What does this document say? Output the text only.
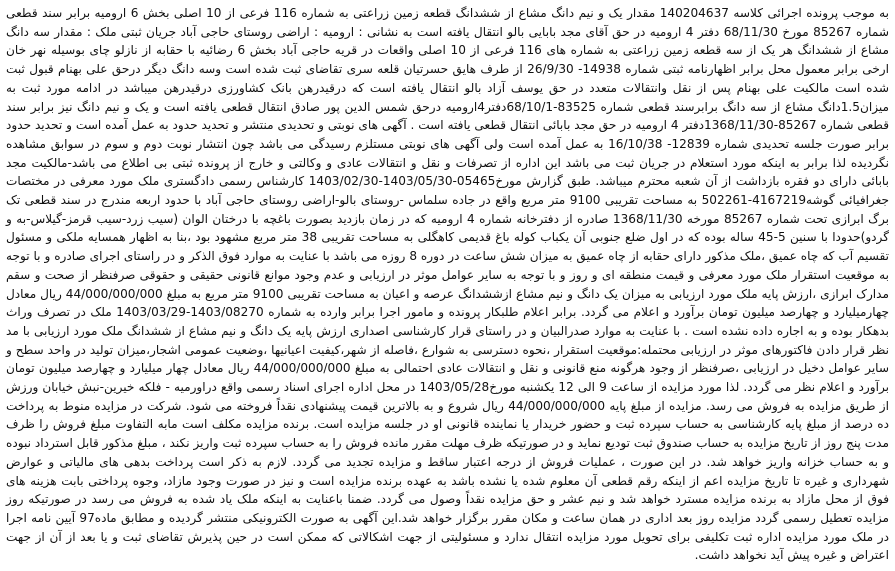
به موجب پرونده اجرائی کلاسه 140204637 مقدار یک و نیم دانگ مشاع از ششدانگ قطعه زمین زراعتی به شماره 116 فرعی از 10 اصلی بخش 6 ارومیه برابر سند قطعی شماره 85267 مورخ 68/11/30 دفتر 4 ارومیه در حق آقای مجد بابایی بالو انتقال یافته است به نشانی : ارومیه : اراضی روستای حاجی آباد جریان ثبتی ملک : مقدار سه دانگ مشاع از ششدانگ هر یک از سه قطعه زمین زراعتی به شماره های 116 فرعی از 10 اصلی واقعات در قریه حاجی آباد بخش 6 رضائیه با حقابه از نازلو چای بوسیله نهر خان ارخی برابر معمول محل برابر اظهارنامه ثبتی شماره 14938- 26/9/30 از طرف هایق حسرتیان قلعه سری تقاضای ثبت شده است وسه دانگ دیگر درحق علی بهنام قبول ثبت شده است مالکیت علی بهنام پس از نقل وانتقالات متعدد در حق یوسف آزاد بالو انتقال یافته است که درقیدرهن بانک کشاورزی درقیدرهن میباشد در ادامه مورد ثبت به میزان1.5دانگ مشاع از سه دانگ برابرسند قطعی شماره 83525-68/10/1دفتر4ارومیه درحق شمس الدین پور صادق انتقال قطعی یافته است و یک و نیم دانگ نیز برابر سند قطعی شماره 85267-1368/11/30دفتر 4 ارومیه در حق مجد بابائی انتقال قطعی یافته است . آگهی های نوبتی و تحدیدی منتشر و تحدید حدود به عمل آمده است و تحدید حدود برابر صورت جلسه تحدیدی شماره 12839- 16/10/38 به عمل آمده است ولی آگهی های نوبتی مستلزم رسیدگی می باشد چون انتشار نوبت دوم و سوم در سوابق مشاهده نگردیده لذا برابر به اینکه مورد استعلام در جریان ثبت می باشد این اداره از تصرفات و نقل و انتقالات عادی و وکالتی و خارج از پرونده ثبتی بی اطلاع می باشد-مالکیت مجد بابائی دارای دو فقره بازداشت از آن شعبه محترم میباشد. طبق گزارش مورخ05465-1403/05/30-1403/02/30 کارشناس رسمی دادگستری ملک مورد معرفی در مختصات جغرافیائی گوشه4167219-502261 به مساحت تقریبی 9100 متر مربع واقع در جاده سلماس -روستای بالو-اراضی روستای حاجی آباد با حدود اربعه مندرج در سند قطعی تک برگ ابرازی تحت شماره 85267 مورخه 1368/11/30 صادره از دفترخانه شماره 4 ارومیه که در زمان بازدید بصورت باغچه با درختان الوان (سیب زرد-سیب قرمز-گیلاس-به و گردو)حدودا با سنین 5-45 ساله بوده که در اول ضلع جنوبی آن یکباب کوله باغ قدیمی کاهگلی به مساحت تقریبی 38 متر مربع مشهود بود ،بنا به اظهار همسایه ملکی و مسئول تقسیم آب که چاه عمیق ،ملک مذکور دارای حقابه از چاه عمیق به میزان شش ساعت در دوره 8 روزه می باشد با عنایت به موارد فوق الذکر و در راستای اجرای صادره و با توجه به موقعیت استقرار ملک مورد معرفی و قیمت منطقه ای و روز و با توجه به سایر عوامل موثر در ارزیابی و عدم وجود موانع قانونی حقیقی و حقوقی صرفنظر از صحت و سقم مدارک ابرازی ،ارزش پایه ملک مورد ارزیابی به میزان یک دانگ و نیم مشاع ازششدانگ عرصه و اعیان به مساحت تقریبی 9100 متر مربع به مبلغ 44/000/000/000 ریال معادل چهارمیلیارد و چهارصد میلیون تومان برآورد و اعلام می گردد. برابر اعلام طلبکار پرونده و مامور اجرا برابر وارده به شماره 1403/08270-1403/03/29 ملک در تصرف وراث بدهکار بوده و به اجاره داده نشده است . با عنایت به موارد صدرالبیان و در راستای قرار کارشناسی اصداری ارزش پایه یک دانگ و نیم مشاع از ششدانگ ملک مورد ارزیابی با مد نظر قرار دادن فاکتورهای موثر در ارزیابی محتمله:موقعیت استقرار ،نحوه دسترسی به شوارع ،فاصله از شهر،کیفیت اعیانیها ،وضعیت عمومی اشجار،میزان تولید در واحد سطح و سایر عوامل دخیل در ارزیابی ،صرفنظر از وجود هرگونه منع قانونی و نقل و انتقالات عادی احتمالی به مبلغ 44/000/000/000 ریال معادل چهار میلیارد و چهارصد میلیون تومان برآورد و اعلام نظر می گردد. لذا مورد مزایده از ساعت 9 الی 12 یکشنبه مورخ1403/05/28 در محل اداره اجرای اسناد رسمی واقع دراورمیه - فلکه خیرین-نبش خیابان ورزش از طریق مزایده به فروش می رسد. مزایده از مبلغ پایه 44/000/000/000 ریال شروع و به بالاترین قیمت پیشنهادی نقداً فروخته می شود. شرکت در مزایده منوط به پرداخت ده درصد از مبلغ پایه کارشناسی به حساب سپرده ثبت و حضور خریدار یا نماینده قانونی او در جلسه مزایده است. برنده مزایده مکلف است مابه التفاوت مبلغ فروش را ظرف مدت پنج روز از تاریخ مزایده به حساب صندوق ثبت توديع نمايد و در صورتيکه ظرف مهلت مقرر مانده فروش را به حساب سپرده ثبت واریز نکند ، مبلغ مذکور قابل استرداد نبوده و به حساب خزانه واریز خواهد شد. در این صورت ، عملیات فروش از درجه اعتبار ساقط و مزایده تجدید می گردد. لازم به ذکر است پرداخت بدهی های مالیاتی و عوارض شهرداری و غیره تا تاریخ مزایده اعم از اینکه رقم قطعی آن معلوم شده یا نشده باشد به عهده برنده مزایده است و نیز در صورت وجود مازاد، وجوه پرداختی بابت هزینه های فوق از محل مازاد به برنده مزایده مسترد خواهد شد و نیم عشر و حق مزایده نقداً وصول می گردد. ضمنا باعنایت به اینکه ملک یاد شده به فروش می رسد در صورتیکه روز مزایده تعطیل رسمی گردد مزایده روز بعد اداری در همان ساعت و مکان مقرر برگزار خواهد شد.این آگهی به صورت الکترونیکی منتشر گردیده و مطابق ماده97 آیین نامه اجرا در ملک مورد مزایده اداره ثبت تکلیفی برای تحویل مورد مزایده انتقال ندارد و مسئولیتی از جهت اشکالاتی که ممکن است در حین پذیرش تقاضای ثبت و یا بعد از آن از جهت اعتراض و غیره پیش آید نخواهد داشت.
